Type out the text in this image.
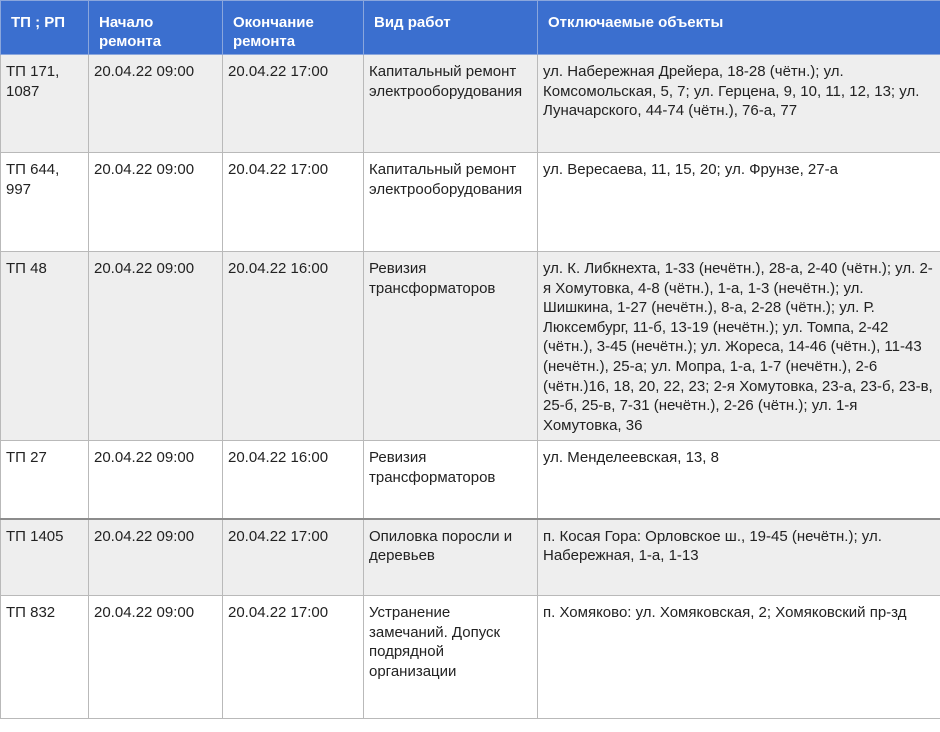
ТП ; РП	Начало ремонта	Окончание ремонта	Вид работ	Отключаемые объекты
ТП 171, 1087	20.04.22 09:00	20.04.22 17:00	Капитальный ремонт электрооборудования	ул. Набережная Дрейера, 18-28 (чётн.); ул. Комсомольская, 5, 7; ул. Герцена, 9, 10, 11, 12, 13; ул. Луначарского, 44-74 (чётн.), 76-а, 77
ТП 644, 997	20.04.22 09:00	20.04.22 17:00	Капитальный ремонт электрооборудования	ул. Вересаева, 11, 15, 20; ул. Фрунзе, 27-а
ТП 48	20.04.22 09:00	20.04.22 16:00	Ревизия трансформаторов	ул. К. Либкнехта, 1-33 (нечётн.), 28-а, 2-40 (чётн.); ул. 2-я Хомутовка, 4-8 (чётн.), 1-а, 1-3 (нечётн.); ул. Шишкина, 1-27 (нечётн.), 8-а, 2-28 (чётн.); ул. Р. Люксембург, 11-б, 13-19 (нечётн.); ул. Томпа, 2-42 (чётн.), 3-45 (нечётн.); ул. Жореса, 14-46 (чётн.), 11-43 (нечётн.), 25-а; ул. Мопра, 1-а, 1-7 (нечётн.), 2-6 (чётн.)16, 18, 20, 22, 23; 2-я Хомутовка, 23-а, 23-б, 23-в, 25-б, 25-в, 7-31 (нечётн.), 2-26 (чётн.); ул. 1-я Хомутовка, 36
ТП 27	20.04.22 09:00	20.04.22 16:00	Ревизия трансформаторов	ул. Менделеевская, 13, 8
ТП 1405	20.04.22 09:00	20.04.22 17:00	Опиловка поросли и деревьев	п. Косая Гора: Орловское ш., 19-45 (нечётн.); ул. Набережная, 1-а, 1-13
ТП 832	20.04.22 09:00	20.04.22 17:00	Устранение замечаний. Допуск подрядной организации	п. Хомяково: ул. Хомяковская, 2; Хомяковский пр-зд
